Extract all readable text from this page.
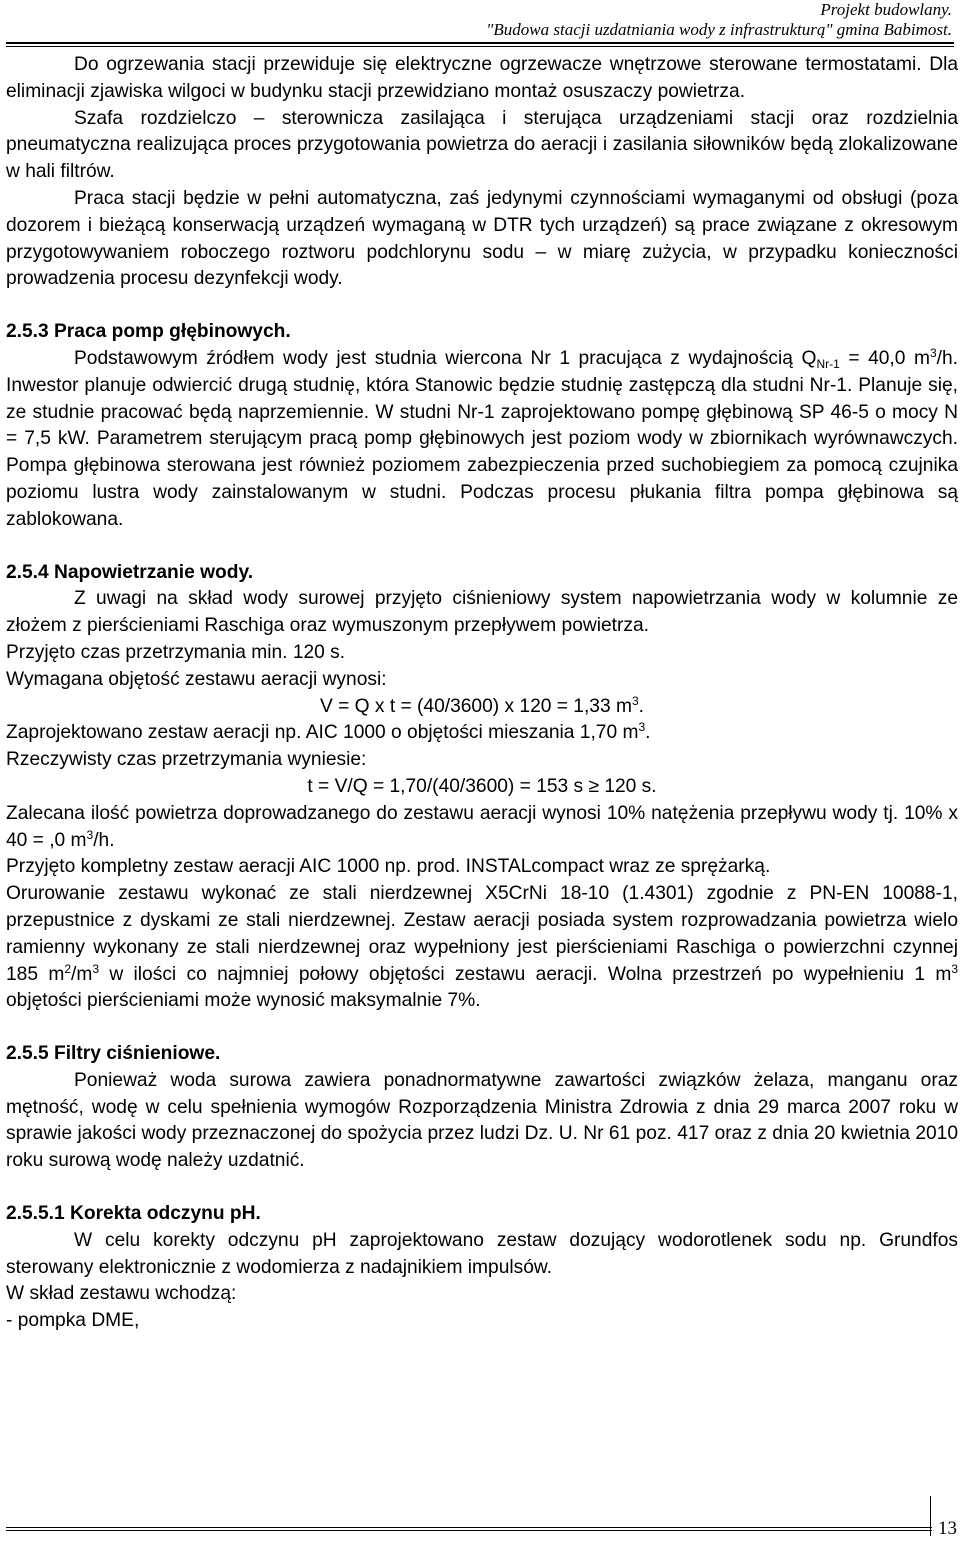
Projekt budowlany.
"Budowa stacji uzdatniania wody z infrastrukturą" gmina Babimost.

Do ogrzewania stacji przewiduje się elektryczne ogrzewacze wnętrzowe sterowane termostatami. Dla eliminacji zjawiska wilgoci w budynku stacji przewidziano montaż osuszaczy powietrza.

Szafa rozdzielczo – sterownicza zasilająca i sterująca urządzeniami stacji oraz rozdzielnia pneumatyczna realizująca proces przygotowania powietrza do aeracji i zasilania siłowników będą zlokalizowane w hali filtrów.

Praca stacji będzie w pełni automatyczna, zaś jedynymi czynnościami wymaganymi od obsługi (poza dozorem i bieżącą konserwacją urządzeń wymaganą w DTR tych urządzeń) są prace związane z okresowym przygotowywaniem roboczego roztworu podchlorynu sodu – w miarę zużycia, w przypadku konieczności prowadzenia procesu dezynfekcji wody.

2.5.3 Praca pomp głębinowych.

Podstawowym źródłem wody jest studnia wiercona Nr 1 pracująca z wydajnością $Q_{Nr-1} = 40,0$ $m^3/h$. Inwestor planuje odwiercić drugą studnię, która Stanowic będzie studnię zastępczą dla studni Nr-1. Planuje się, ze studnie pracować będą naprzemiennie. W studni Nr-1 zaprojektowano pompę głębinową SP 46-5 o mocy N = 7,5 kW. Parametrem sterującym pracą pomp głębinowych jest poziom wody w zbiornikach wyrównawczych. Pompa głębinowa sterowana jest również poziomem zabezpieczenia przed suchobiegiem za pomocą czujnika poziomu lustra wody zainstalowanym w studni. Podczas procesu płukania filtra pompa głębinowa są zablokowana.

2.5.4 Napowietrzanie wody.

Z uwagi na skład wody surowej przyjęto ciśnieniowy system napowietrzania wody w kolumnie ze złożem z pierścieniami Raschiga oraz wymuszonym przepływem powietrza.

Przyjęto czas przetrzymania min. 120 s.

Wymagana objętość zestawu aeracji wynosi:

V = Q x t = (40/3600) x 120 = 1,33 $m^3$.

Zaprojektowano zestaw aeracji np. AIC 1000 o objętości mieszania 1,70 $m^3$.

Rzeczywisty czas przetrzymania wyniesie:

t = V/Q = 1,70/(40/3600) = 153 s ≥ 120 s.

Zalecana ilość powietrza doprowadzanego do zestawu aeracji wynosi 10% natężenia przepływu wody tj. 10% x 40 = ,0 $m^3/h$.

Przyjęto kompletny zestaw aeracji AIC 1000 np. prod. INSTALcompact wraz ze sprężarką.

Orurowanie zestawu wykonać ze stali nierdzewnej X5CrNi 18-10 (1.4301) zgodnie z PN-EN 10088-1, przepustnice z dyskami ze stali nierdzewnej. Zestaw aeracji posiada system rozprowadzania powietrza wielo ramienny wykonany ze stali nierdzewnej oraz wypełniony jest pierścieniami Raschiga o powierzchni czynnej 185 $m^2/m^3$ w ilości co najmniej połowy objętości zestawu aeracji. Wolna przestrzeń po wypełnieniu 1 $m^3$ objętości pierścieniami może wynosić maksymalnie 7%.

2.5.5 Filtry ciśnieniowe.

Ponieważ woda surowa zawiera ponadnormatywne zawartości związków żelaza, manganu oraz mętność, wodę w celu spełnienia wymogów Rozporządzenia Ministra Zdrowia z dnia 29 marca 2007 roku w sprawie jakości wody przeznaczonej do spożycia przez ludzi Dz. U. Nr 61 poz. 417 oraz z dnia 20 kwietnia 2010 roku surową wodę należy uzdatnić.

2.5.5.1 Korekta odczynu pH.

W celu korekty odczynu pH zaprojektowano zestaw dozujący wodorotlenek sodu np. Grundfos sterowany elektronicznie z wodomierza z nadajnikiem impulsów.

W skład zestawu wchodzą:

- pompka DME,

13
